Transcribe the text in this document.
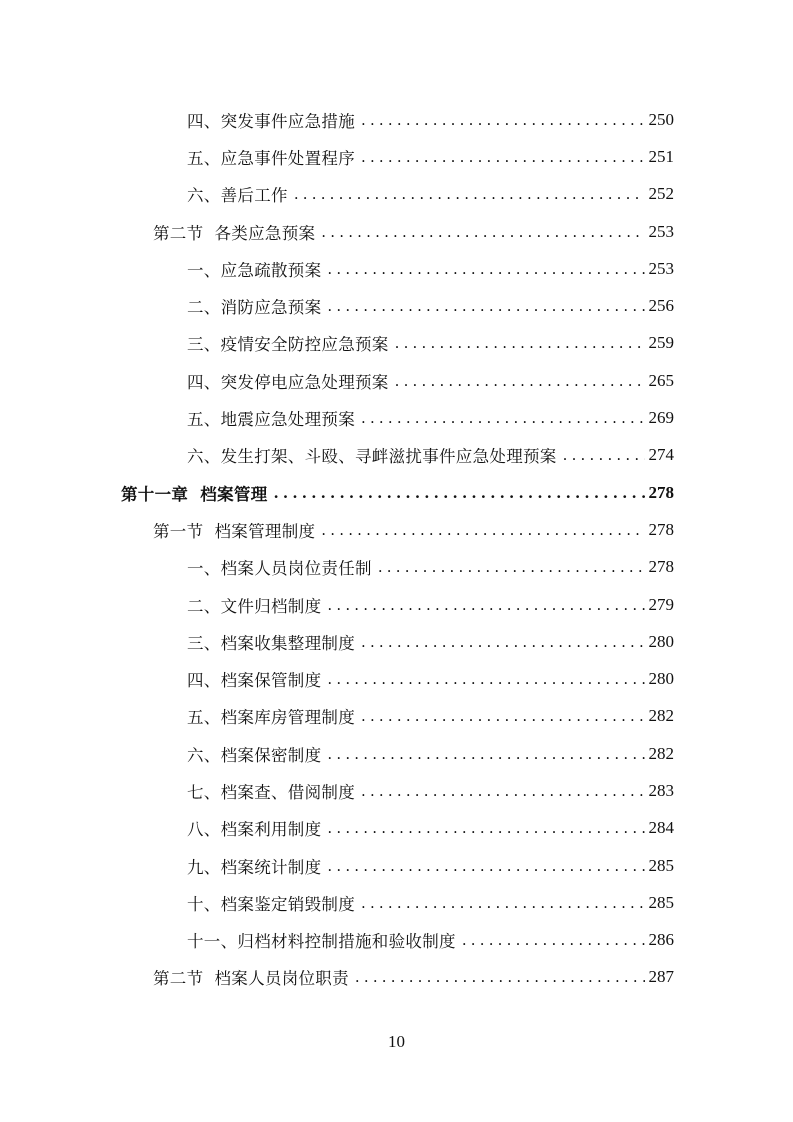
四、突发事件应急措施 .....	250
五、应急事件处置程序 .....	251
六、善后工作 .....	252
第二节  各类应急预案 .....	253
一、应急疏散预案 .....	253
二、消防应急预案 .....	256
三、疫情安全防控应急预案 .....	259
四、突发停电应急处理预案 .....	265
五、地震应急处理预案 .....	269
六、发生打架、斗殴、寻衅滋扰事件应急处理预案 .....	274
第十一章  档案管理 .....	278
第一节  档案管理制度 .....	278
一、档案人员岗位责任制 .....	278
二、文件归档制度 .....	279
三、档案收集整理制度 .....	280
四、档案保管制度 .....	280
五、档案库房管理制度 .....	282
六、档案保密制度 .....	282
七、档案查、借阅制度 .....	283
八、档案利用制度 .....	284
九、档案统计制度 .....	285
十、档案鉴定销毁制度 .....	285
十一、归档材料控制措施和验收制度 .....	286
第二节  档案人员岗位职责 .....	287
10
